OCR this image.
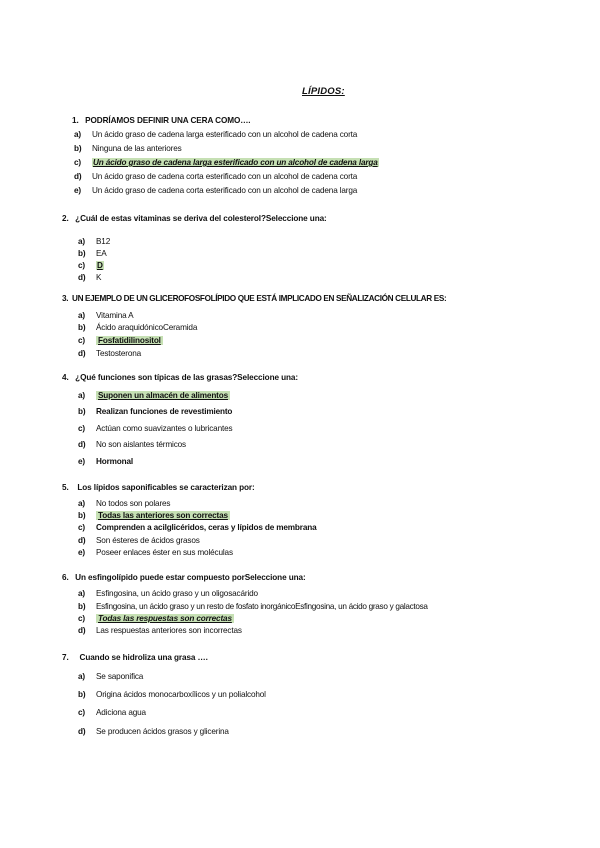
LÍPIDOS:
1. PODRÍAMOS DEFINIR UNA CERA COMO….
a) Un ácido graso de cadena larga esterificado con un alcohol de cadena corta
b) Ninguna de las anteriores
c) Un ácido graso de cadena larga esterificado con un alcohol de cadena larga
d) Un ácido graso de cadena corta esterificado con un alcohol de cadena corta
e) Un ácido graso de cadena corta esterificado con un alcohol de cadena larga
2. ¿Cuál de estas vitaminas se deriva del colesterol?Seleccione una:
a) B12
b) EA
c) D
d) K
3. UN EJEMPLO DE UN GLICEROFOSFOLÍPIDO QUE ESTÁ IMPLICADO EN SEÑALIZACIÓN CELULAR ES:
a) Vitamina A
b) Ácido araquidónicoCeramida
c) Fosfatidilinositol
d) Testosterona
4. ¿Qué funciones son típicas de las grasas?Seleccione una:
a) Suponen un almacén de alimentos
b) Realizan funciones de revestimiento
c) Actúan como suavizantes o lubricantes
d) No son aislantes térmicos
e) Hormonal
5. Los lípidos saponificables se caracterizan por:
a) No todos son polares
b) Todas las anteriores son correctas
c) Comprenden a acilglicéridos, ceras y lípidos de membrana
d) Son ésteres de ácidos grasos
e) Poseer enlaces éster en sus moléculas
6. Un esfingolípido puede estar compuesto porSeleccione una:
a) Esfingosina, un ácido graso y un oligosacárido
b) Esfingosina, un ácido graso y un resto de fosfato inorgánicoEsfingosina, un ácido graso y galactosa
c) Todas las respuestas son correctas
d) Las respuestas anteriores son incorrectas
7. Cuando se hidroliza una grasa ….
a) Se saponifica
b) Origina ácidos monocarboxílicos y un polialcohol
c) Adiciona agua
d) Se producen ácidos grasos y glicerina
